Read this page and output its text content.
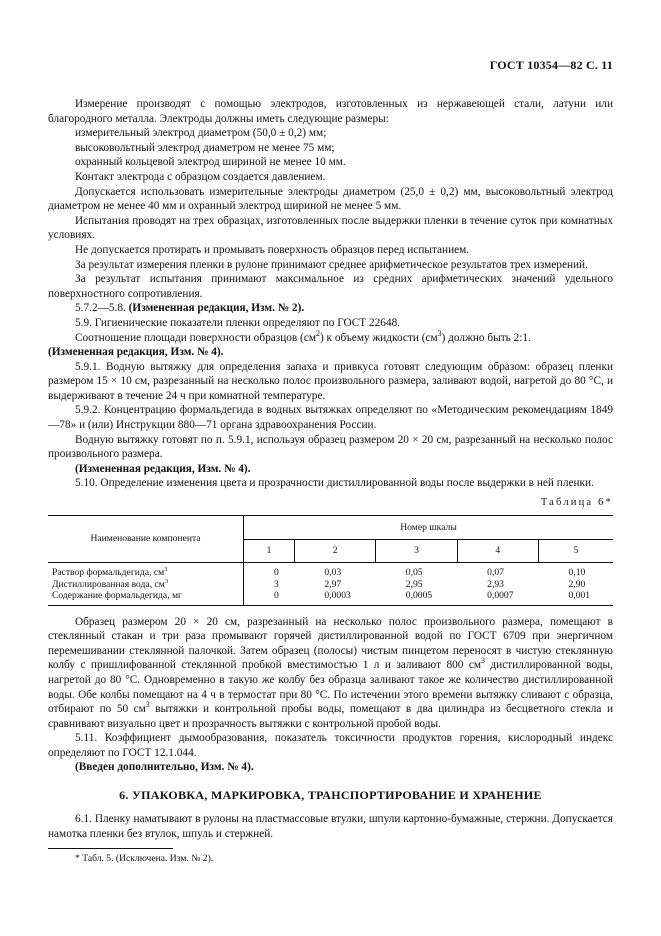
ГОСТ 10354—82 С. 11

Измерение производят с помощью электродов, изготовленных из нержавеющей стали, латуни или благородного металла. Электроды должны иметь следующие размеры:

измерительный электрод диаметром (50,0 ± 0,2) мм;

высоковольтный электрод диаметром не менее 75 мм;

охранный кольцевой электрод шириной не менее 10 мм.

Контакт электрода с образцом создается давлением.

Допускается использовать измерительные электроды диаметром (25,0 ± 0,2) мм, высоковольтный электрод диаметром не менее 40 мм и охранный электрод шириной не менее 5 мм.

Испытания проводят на трех образцах, изготовленных после выдержки пленки в течение суток при комнатных условиях.

Не допускается протирать и промывать поверхность образцов перед испытанием.

За результат измерения пленки в рулоне принимают среднее арифметическое результатов трех измерений.

За результат испытания принимают максимальное из средних арифметических значений удельного поверхностного сопротивления.

5.7.2—5.8. (Измененная редакция, Изм. № 2).

5.9. Гигиенические показатели пленки определяют по ГОСТ 22648.

Соотношение площади поверхности образцов $(см^2)$ к объему жидкости $(см^3)$ должно быть 2:1.

(Измененная редакция, Изм. № 4).

5.9.1. Водную вытяжку для определения запаха и привкуса готовят следующим образом: образец пленки размером 15 × 10 см, разрезанный на несколько полос произвольного размера, заливают водой, нагретой до 80 °С, и выдерживают в течение 24 ч при комнатной температуре.

5.9.2. Концентрацию формальдегида в водных вытяжках определяют по «Методическим рекомендациям 1849—78» и (или) Инструкции 880—71 органа здравоохранения России.

Водную вытяжку готовят по п. 5.9.1, используя образец размером 20 × 20 см, разрезанный на несколько полос произвольного размера.

(Измененная редакция, Изм. № 4).

5.10. Определение изменения цвета и прозрачности дистиллированной воды после выдержки в ней пленки.

Таблица 6*
Наименование компонента	Номер шкалы				
	1	2	3	4	5
Раствор формальдегида, $см^3$	0	0,03	0,05	0,07	0,10
Дистиллированная вода, $см^3$	3	2,97	2,95	2,93	2,90
Содержание формальдегида, мг	0	0,0003	0,0005	0,0007	0,001

Образец размером 20 × 20 см, разрезанный на несколько полос произвольного размера, помещают в стеклянный стакан и три раза промывают горячей дистиллированной водой по ГОСТ 6709 при энергичном перемешивании стеклянной палочкой. Затем образец (полосы) чистым пинцетом переносят в чистую стеклянную колбу с пришлифованной стеклянной пробкой вместимостью 1 л и заливают 800 $см^3$ дистиллированной воды, нагретой до 80 °С. Одновременно в такую же колбу без образца заливают такое же количество дистиллированной воды. Обе колбы помещают на 4 ч в термостат при 80 °С. По истечении этого времени вытяжку сливают с образца, отбирают по 50 $см^3$ вытяжки и контрольной пробы воды, помещают в два цилиндра из бесцветного стекла и сравнивают визуально цвет и прозрачность вытяжки с контрольной пробой воды.

5.11. Коэффициент дымообразования, показатель токсичности продуктов горения, кислородный индекс определяют по ГОСТ 12.1.044.

(Введен дополнительно, Изм. № 4).

6. УПАКОВКА, МАРКИРОВКА, ТРАНСПОРТИРОВАНИЕ И ХРАНЕНИЕ

6.1. Пленку наматывают в рулоны на пластмассовые втулки, шпули картонно-бумажные, стержни. Допускается намотка пленки без втулок, шпуль и стержней.

* Табл. 5. (Исключена. Изм. № 2).
